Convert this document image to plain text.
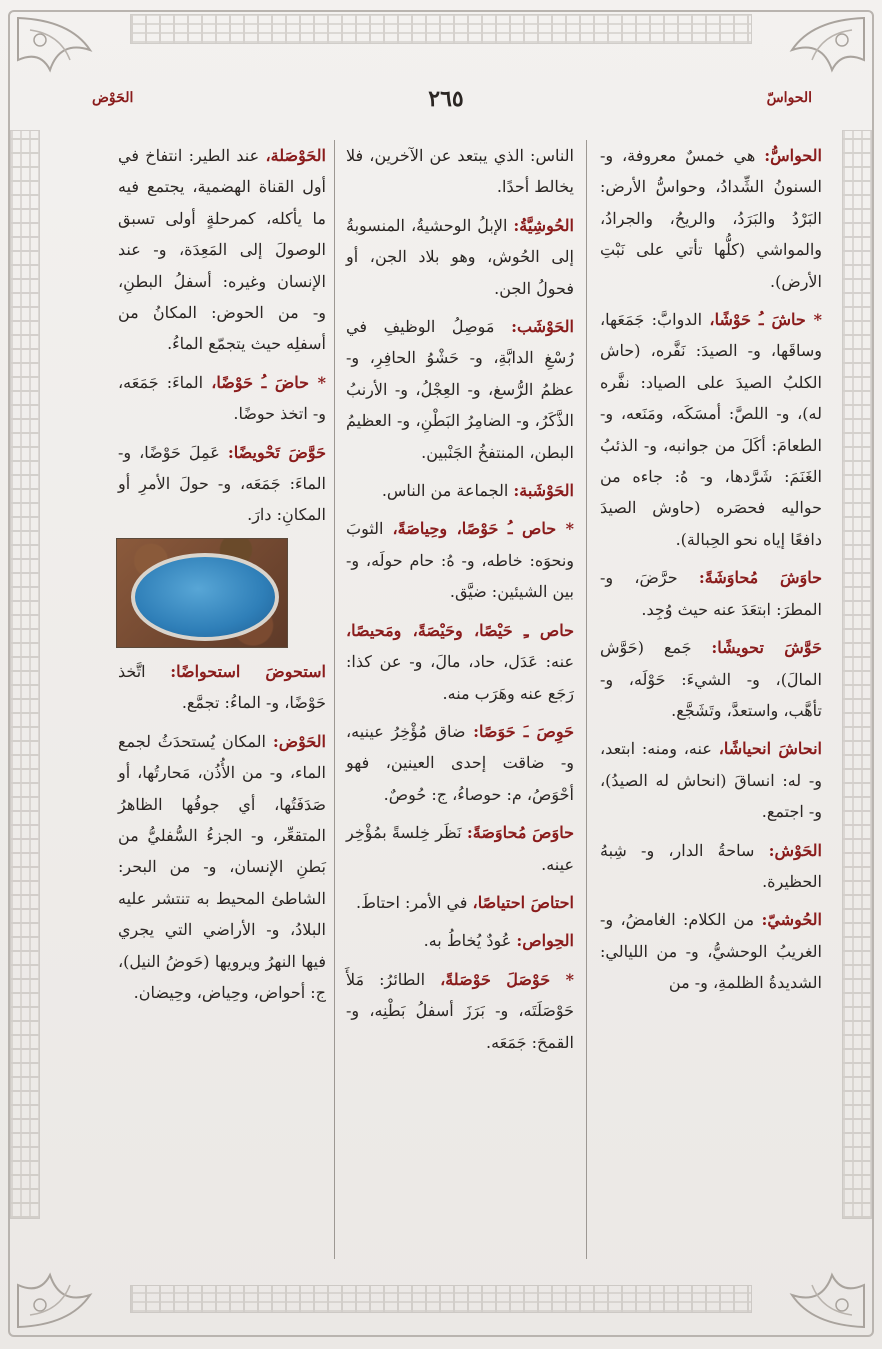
الحواسّ
٢٦٥
الحَوْض

الحواسُّ: هي خمسٌ معروفة، و- السنونُ الشِّدادُ، وحواسُّ الأرض: البَرْدُ والبَرَدُ، والريحُ، والجرادُ، والمواشي (كلُّها تأتي على نَبْتِ الأرض).

* حاشَ ـُ حَوْشًا، الدوابَّ: جَمَعَها، وساقَها، و- الصيدَ: نَفَّره، (حاش الكلبُ الصيدَ على الصياد: نفَّره له)، و- اللصَّ: أمسَكَه، ومَنَعه، و- الطعامَ: أكَلَ من جوانبه، و- الذئبُ الغَنَمَ: شَرَّدها، و- هُ: جاءه من حواليه فحصَره (حاوش الصيدَ دافعًا إياه نحو الحِبالة).

حاوَشَ مُحاوَشَةً: حرَّضَ، و- المطرَ: ابتعَدَ عنه حيث وُجِد.

حَوَّشَ تحويشًا: جَمع (حَوَّش المالَ)، و- الشيءَ: حَوْلَه، و- تأهَّب، واستعدَّ، وتَشَجَّع.

انحاشَ انحياشًا، عنه، ومنه: ابتعد، و- له: انساقَ (انحاش له الصيدُ)، و- اجتمع.

الحَوْش: ساحةُ الدار، و- شِبهُ الحظيرة.

الحُوشيّ: من الكلام: الغامضُ، و- الغريبُ الوحشيُّ، و- من الليالي: الشديدةُ الظلمةِ، و- من

الناس: الذي يبتعد عن الآخرين، فلا يخالط أحدًا.

الحُوشِيَّةُ: الإبلُ الوحشيةُ، المنسوبةُ إلى الحُوش، وهو بلاد الجن، أو فحولُ الجن.

الحَوْشَب: مَوصِلُ الوظيفِ في رُسْغِ الدابَّةِ، و- حَشْوُ الحافِرِ، و- عظمُ الرُّسغ، و- العِجْلُ، و- الأرنبُ الذَّكَرُ، و- الضامِرُ البَطْنِ، و- العظيمُ البطن، المنتفخُ الجَنْبين.

الحَوْشَبة: الجماعة من الناس.

* حاص ـُ حَوْصًا، وحِياصَةً، الثوبَ ونحوَه: خاطه، و- هُ: حام حولَه، و- بين الشيئين: ضيَّق.

حاص ـِ حَيْصًا، وحَيْصَةً، ومَحيصًا، عنه: عَدَل، حاد، مالَ، و- عن كذا: رَجَع عنه وهَرَب منه.

حَوِصَ ـَ حَوَصًا: ضاق مُؤْخِرُ عينيه، و- ضاقت إحدى العينين، فهو أحْوَصُ، م: حوصاءُ، ج: حُوصٌ.

حاوَصَ مُحاوَصَةً: نَظَر خِلسةً بمُؤْخِر عينه.

احتاصَ احتياصًا، في الأمر: احتاطَ.

الحِواص: عُودٌ يُخاطُ به.

* حَوْصَلَ حَوْصَلةً، الطائرُ: مَلأَ حَوْصَلَتَه، و- بَرَزَ أسفلُ بَطْنِه، و- القمحَ: جَمَعَه.

الحَوْصَلة، عند الطير: انتفاخ في أول القناة الهضمية، يجتمع فيه ما يأكله، كمرحلةٍ أولى تسبق الوصولَ إلى المَعِدَة، و- عند الإنسان وغيره: أسفلُ البطنِ، و- من الحوض: المكانُ من أسفلِه حيث يتجمّع الماءُ.

* حاضَ ـُ حَوْضًا، الماءَ: جَمَعَه، و- اتخذ حوضًا.

حَوَّضَ تَحْويضًا: عَمِلَ حَوْضًا، و- الماءَ: جَمَعَه، و- حولَ الأمرِ أو المكانِ: دارَ.

استحوضَ استحواضًا: اتَّخذ حَوْضًا، و- الماءُ: تجمَّع.

الحَوْض: المكان يُستحدَثُ لجمع الماء، و- من الأُذُن، مَحارتُها، أو صَدَفَتُها، أي جوفُها الظاهرُ المتقعِّر، و- الجزءُ السُّفليُّ من بَطنِ الإنسان، و- من البحر: الشاطئ المحيط به تنتشر عليه البلادُ، و- الأراضي التي يجري فيها النهرُ ويرويها (حَوضُ النيل)، ج: أحواض، وحِياض، وحِيضان.
